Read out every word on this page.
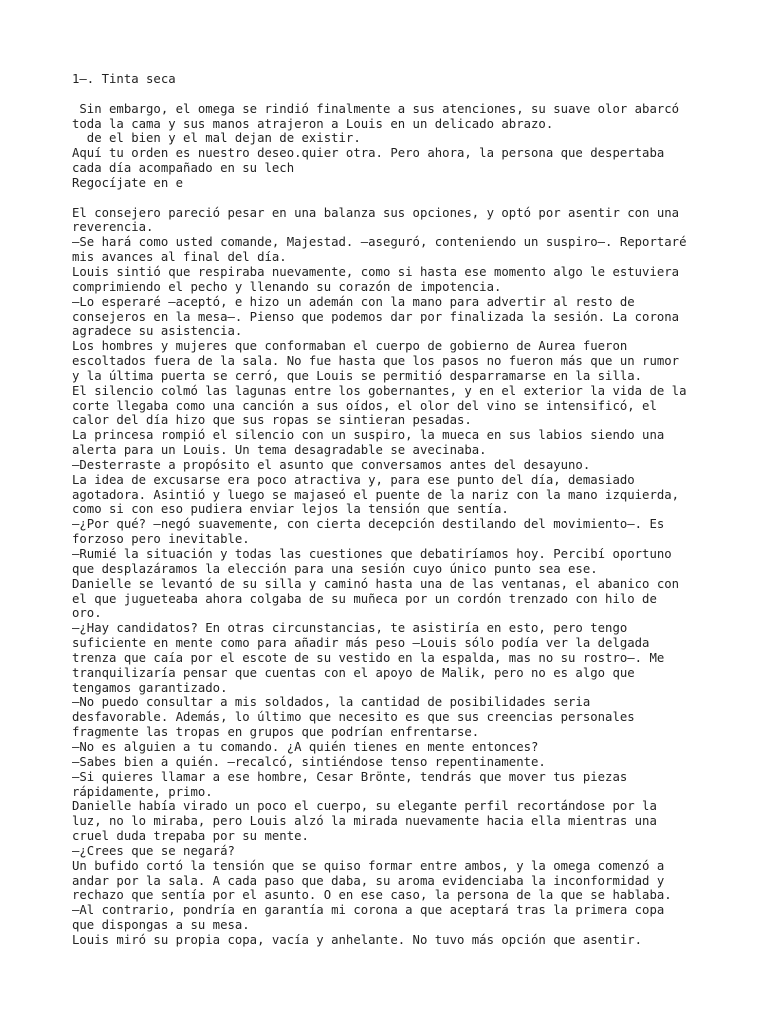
1—. Tinta seca
Sin embargo, el omega se rindió finalmente a sus atenciones, su suave olor abarcó
toda la cama y sus manos atrajeron a Louis en un delicado abrazo.
de el bien y el mal dejan de existir.
Aquí tu orden es nuestro deseo.quier otra. Pero ahora, la persona que despertaba
cada día acompañado en su lech
Regocíjate en e
El consejero pareció pesar en una balanza sus opciones, y optó por asentir con una
reverencia.
—Se hará como usted comande, Majestad. —aseguró, conteniendo un suspiro—. Reportaré
mis avances al final del día.
Louis sintió que respiraba nuevamente, como si hasta ese momento algo le estuviera
comprimiendo el pecho y llenando su corazón de impotencia.
—Lo esperaré —aceptó, e hizo un ademán con la mano para advertir al resto de
consejeros en la mesa—. Pienso que podemos dar por finalizada la sesión. La corona
agradece su asistencia.
Los hombres y mujeres que conformaban el cuerpo de gobierno de Aurea fueron
escoltados fuera de la sala. No fue hasta que los pasos no fueron más que un rumor
y la última puerta se cerró, que Louis se permitió desparramarse en la silla.
El silencio colmó las lagunas entre los gobernantes, y en el exterior la vida de la
corte llegaba como una canción a sus oídos, el olor del vino se intensificó, el
calor del día hizo que sus ropas se sintieran pesadas.
La princesa rompió el silencio con un suspiro, la mueca en sus labios siendo una
alerta para un Louis. Un tema desagradable se avecinaba.
—Desterraste a propósito el asunto que conversamos antes del desayuno.
La idea de excusarse era poco atractiva y, para ese punto del día, demasiado
agotadora. Asintió y luego se majaseó el puente de la nariz con la mano izquierda,
como si con eso pudiera enviar lejos la tensión que sentía.
—¿Por qué? —negó suavemente, con cierta decepción destilando del movimiento—. Es
forzoso pero inevitable.
—Rumié la situación y todas las cuestiones que debatiríamos hoy. Percibí oportuno
que desplazáramos la elección para una sesión cuyo único punto sea ese.
Danielle se levantó de su silla y caminó hasta una de las ventanas, el abanico con
el que jugueteaba ahora colgaba de su muñeca por un cordón trenzado con hilo de
oro.
—¿Hay candidatos? En otras circunstancias, te asistiría en esto, pero tengo
suficiente en mente como para añadir más peso —Louis sólo podía ver la delgada
trenza que caía por el escote de su vestido en la espalda, mas no su rostro—. Me
tranquilizaría pensar que cuentas con el apoyo de Malik, pero no es algo que
tengamos garantizado.
—No puedo consultar a mis soldados, la cantidad de posibilidades seria
desfavorable. Además, lo último que necesito es que sus creencias personales
fragmente las tropas en grupos que podrían enfrentarse.
—No es alguien a tu comando. ¿A quién tienes en mente entonces?
—Sabes bien a quién. —recalcó, sintiéndose tenso repentinamente.
—Si quieres llamar a ese hombre, Cesar Brönte, tendrás que mover tus piezas
rápidamente, primo.
Danielle había virado un poco el cuerpo, su elegante perfil recortándose por la
luz, no lo miraba, pero Louis alzó la mirada nuevamente hacia ella mientras una
cruel duda trepaba por su mente.
—¿Crees que se negará?
Un bufido cortó la tensión que se quiso formar entre ambos, y la omega comenzó a
andar por la sala. A cada paso que daba, su aroma evidenciaba la inconformidad y
rechazo que sentía por el asunto. O en ese caso, la persona de la que se hablaba.
—Al contrario, pondría en garantía mi corona a que aceptará tras la primera copa
que dispongas a su mesa.
Louis miró su propia copa, vacía y anhelante. No tuvo más opción que asentir.
